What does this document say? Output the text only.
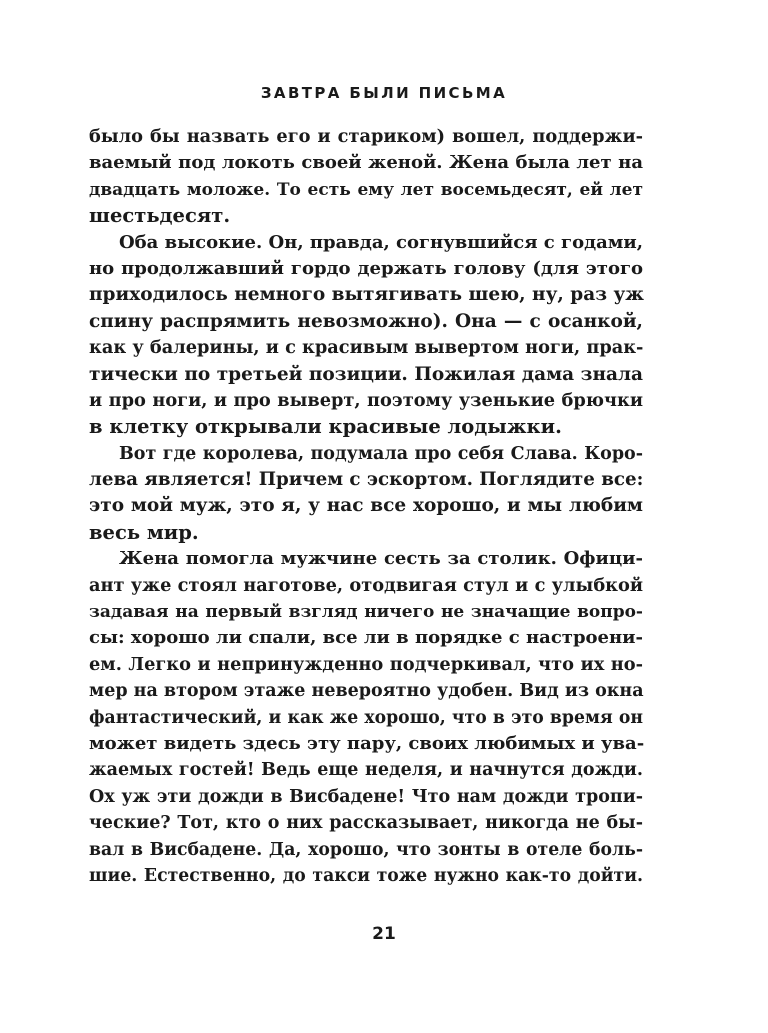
ЗАВТРА БЫЛИ ПИСЬМА
было бы назвать его и стариком) вошел, поддержи-
ваемый под локоть своей женой. Жена была лет на
двадцать моложе. То есть ему лет восемьдесят, ей лет
шестьдесят.
Оба высокие. Он, правда, согнувшийся с годами,
но продолжавший гордо держать голову (для этого
приходилось немного вытягивать шею, ну, раз уж
спину распрямить невозможно). Она — с осанкой,
как у балерины, и с красивым вывертом ноги, прак-
тически по третьей позиции. Пожилая дама знала
и про ноги, и про выверт, поэтому узенькие брючки
в клетку открывали красивые лодыжки.
Вот где королева, подумала про себя Слава. Коро-
лева является! Причем с эскортом. Поглядите все:
это мой муж, это я, у нас все хорошо, и мы любим
весь мир.
Жена помогла мужчине сесть за столик. Офици-
ант уже стоял наготове, отодвигая стул и с улыбкой
задавая на первый взгляд ничего не значащие вопро-
сы: хорошо ли спали, все ли в порядке с настроени-
ем. Легко и непринужденно подчеркивал, что их но-
мер на втором этаже невероятно удобен. Вид из окна
фантастический, и как же хорошо, что в это время он
может видеть здесь эту пару, своих любимых и ува-
жаемых гостей! Ведь еще неделя, и начнутся дожди.
Ох уж эти дожди в Висбадене! Что нам дожди тропи-
ческие? Тот, кто о них рассказывает, никогда не бы-
вал в Висбадене. Да, хорошо, что зонты в отеле боль-
шие. Естественно, до такси тоже нужно как-то дойти.
21
